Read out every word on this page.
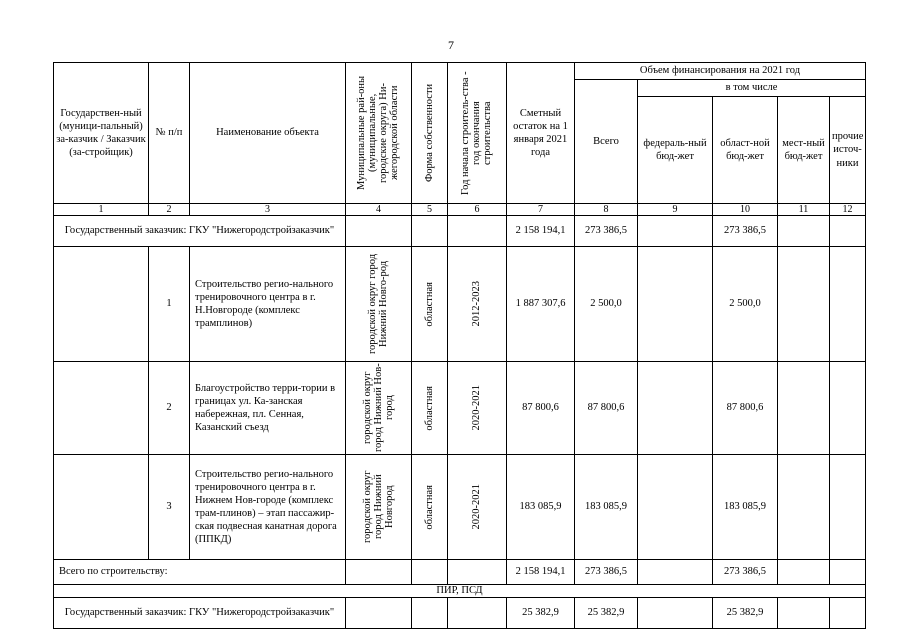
7
Государствен-ный (муници-пальный) за-казчик / Заказчик (за-стройщик)	№ п/п	Наименование объекта	Муниципальные рай-оны (муниципальные, городские округа) Ни-жегородской области	Форма собственности	Год начала строитель-ства - год окончания строительства	Сметный остаток на 1 января 2021 года	Объем финансирования на 2021 год				
							Всего	в том числе			
								федераль-ный бюд-жет	област-ной бюд-жет	мест-ный бюд-жет	прочие источ-ники
1	2	3	4	5	6	7	8	9	10	11	12
Государственный заказчик: ГКУ "Нижегородстройзаказчик"						2 158 194,1	273 386,5		273 386,5		
	1	Строительство регио-нального тренировочного центра в г. Н.Новгороде (комплекс трамплинов)	городской округ город Нижний Новго-род	областная	2012-2023	1 887 307,6	2 500,0		2 500,0		
	2	Благоустройство терри-тории в границах ул. Ка-занская набережная, пл. Сенная, Казанский съезд	городской округ город Нижний Нов-город	областная	2020-2021	87 800,6	87 800,6		87 800,6		
	3	Строительство регио-нального тренировочного центра в г. Нижнем Нов-городе (комплекс трам-плинов) – этап пассажир-ская подвесная канатная дорога (ППКД)	городской округ город Нижний Новгород	областная	2020-2021	183 085,9	183 085,9		183 085,9		
Всего по строительству:						2 158 194,1	273 386,5		273 386,5		
ПИР, ПСД											
Государственный заказчик: ГКУ "Нижегородстройзаказчик"						25 382,9	25 382,9		25 382,9		
